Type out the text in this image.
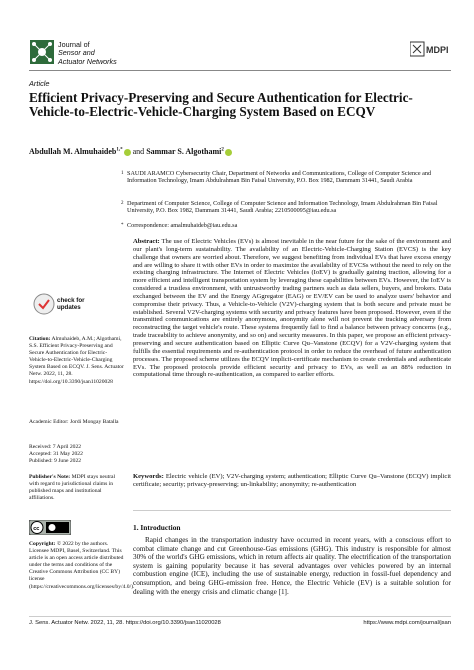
Journal of
Sensor and
Actuator Networks
MDPI
Article
Efficient Privacy-Preserving and Secure Authentication for Electric-Vehicle-to-Electric-Vehicle-Charging System Based on ECQV
Abdullah M. Almuhaideb$^{1,*}$ and Sammar S. Algothami$^2$
1 SAUDI ARAMCO Cybersecurity Chair, Department of Networks and Communications, College of Computer Science and Information Technology, Imam Abdulrahman Bin Faisal University, P.O. Box 1982, Dammam 31441, Saudi Arabia
2 Department of Computer Science, College of Computer Science and Information Technology, Imam Abdulrahman Bin Faisal University, P.O. Box 1982, Dammam 31441, Saudi Arabia; 2210500095@iau.edu.sa
* Correspondence: amalmuhaideb@iau.edu.sa
check for updates
Citation: Almuhaideb, A.M.; Algothami, S.S. Efficient Privacy-Preserving and Secure Authentication for Electric-Vehicle-to-Electric-Vehicle-Charging System Based on ECQV. J. Sens. Actuator Netw. 2022, 11, 28. https://doi.org/10.3390/jsan11020028
Academic Editor: Jordi Mongay Batalla
Received: 7 April 2022
Accepted: 31 May 2022
Published: 9 June 2022
Publisher's Note: MDPI stays neutral with regard to jurisdictional claims in published maps and institutional affiliations.
cc
Copyright: © 2022 by the authors. Licensee MDPI, Basel, Switzerland. This article is an open access article distributed under the terms and conditions of the Creative Commons Attribution (CC BY) license (https://creativecommons.org/licenses/by/4.0/).
Abstract: The use of Electric Vehicles (EVs) is almost inevitable in the near future for the sake of the environment and our plant's long-term sustainability. The availability of an Electric-Vehicle-Charging Station (EVCS) is the key challenge that owners are worried about. Therefore, we suggest benefiting from individual EVs that have excess energy and are willing to share it with other EVs in order to maximize the availability of EVCSs without the need to rely on the existing charging infrastructure. The Internet of Electric Vehicles (IoEV) is gradually gaining traction, allowing for a more efficient and intelligent transportation system by leveraging these capabilities between EVs. However, the IoEV is considered a trustless environment, with untrustworthy trading partners such as data sellers, buyers, and brokers. Data exchanged between the EV and the Energy AGgregator (EAG) or EV/EV can be used to analyze users' behavior and compromise their privacy. Thus, a Vehicle-to-Vehicle (V2V)-charging system that is both secure and private must be established. Several V2V-charging systems with security and privacy features have been proposed. However, even if the transmitted communications are entirely anonymous, anonymity alone will not prevent the tracking adversary from reconstructing the target vehicle's route. These systems frequently fail to find a balance between privacy concerns (e.g., trade traceability to achieve anonymity, and so on) and security measures. In this paper, we propose an efficient privacy-preserving and secure authentication based on Elliptic Curve Qu–Vanstone (ECQV) for a V2V-charging system that fulfills the essential requirements and re-authentication protocol in order to reduce the overhead of future authentication processes. The proposed scheme utilizes the ECQV implicit-certificate mechanism to create credentials and authenticate EVs. The proposed protocols provide efficient security and privacy to EVs, as well as an 88% reduction in computational time through re-authentication, as compared to earlier efforts.
Keywords: Electric vehicle (EV); V2V-charging system; authentication; Elliptic Curve Qu–Vanstone (ECQV) implicit certificate; security; privacy-preserving; un-linkability; anonymity; re-authentication
1. Introduction
Rapid changes in the transportation industry have occurred in recent years, with a conscious effort to combat climate change and cut Greenhouse-Gas emissions (GHG). This industry is responsible for almost 30% of the world's GHG emissions, which in return affects air quality. The electrification of the transportation system is gaining popularity because it has several advantages over vehicles powered by an internal combustion engine (ICE), including the use of sustainable energy, reduction in fossil-fuel dependency and consumption, and being GHG-emission free. Hence, the Electric Vehicle (EV) is a suitable solution for dealing with the energy crisis and climatic change [1].
J. Sens. Actuator Netw. 2022, 11, 28. https://doi.org/10.3390/jsan11020028	https://www.mdpi.com/journal/jsan
